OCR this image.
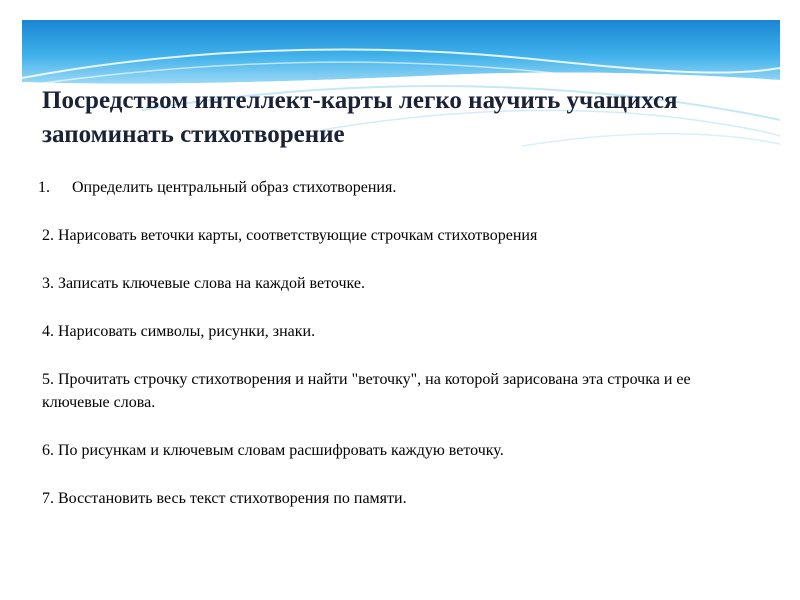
Посредством интеллект-карты легко научить учащихся запоминать стихотворение

1. Определить центральный образ стихотворения.

2. Нарисовать веточки карты, соответствующие строчкам стихотворения

3. Записать ключевые слова на каждой веточке.

4. Нарисовать символы, рисунки, знаки.

5. Прочитать строчку стихотворения и найти "веточку", на которой зарисована эта строчка и ее ключевые слова.

6. По рисункам и ключевым словам расшифровать каждую веточку.

7. Восстановить весь текст стихотворения по памяти.
